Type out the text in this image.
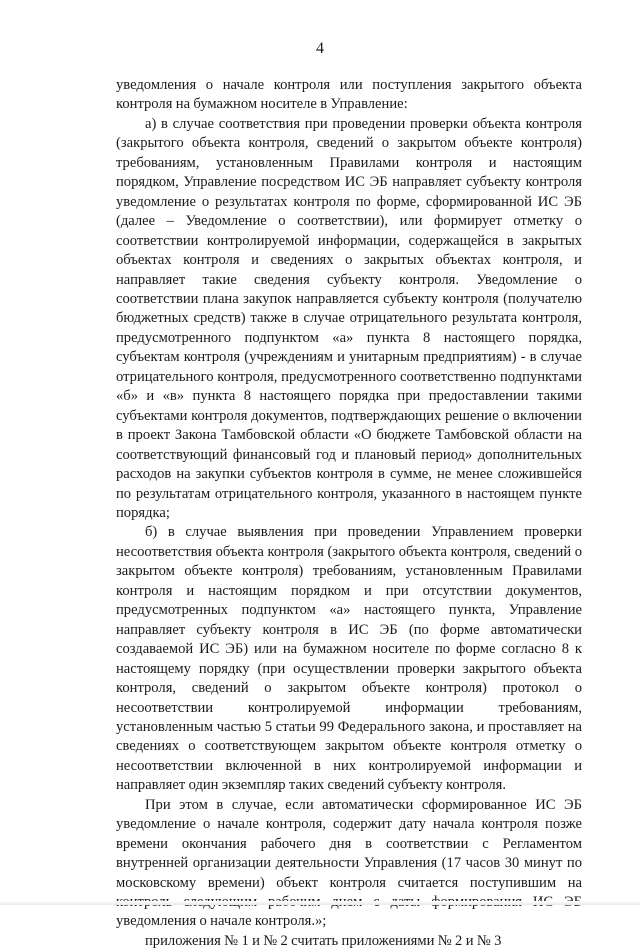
4

уведомления о начале контроля или поступления закрытого объекта контроля на бумажном носителе в Управление:

а) в случае соответствия при проведении проверки объекта контроля (закрытого объекта контроля, сведений о закрытом объекте контроля) требованиям, установленным Правилами контроля и настоящим порядком, Управление посредством ИС ЭБ направляет субъекту контроля уведомление о результатах контроля по форме, сформированной ИС ЭБ (далее – Уведомление о соответствии), или формирует отметку о соответствии контролируемой информации, содержащейся в закрытых объектах контроля и сведениях о закрытых объектах контроля, и направляет такие сведения субъекту контроля. Уведомление о соответствии плана закупок направляется субъекту контроля (получателю бюджетных средств) также в случае отрицательного результата контроля, предусмотренного подпунктом «а» пункта 8 настоящего порядка, субъектам контроля (учреждениям и унитарным предприятиям) - в случае отрицательного контроля, предусмотренного соответственно подпунктами «б» и «в» пункта 8 настоящего порядка при предоставлении такими субъектами контроля документов, подтверждающих решение о включении в проект Закона Тамбовской области «О бюджете Тамбовской области на соответствующий финансовый год и плановый период» дополнительных расходов на закупки субъектов контроля в сумме, не менее сложившейся по результатам отрицательного контроля, указанного в настоящем пункте порядка;

б) в случае выявления при проведении Управлением проверки несоответствия объекта контроля (закрытого объекта контроля, сведений о закрытом объекте контроля) требованиям, установленным Правилами контроля и настоящим порядком и при отсутствии документов, предусмотренных подпунктом «а» настоящего пункта, Управление направляет субъекту контроля в ИС ЭБ (по форме автоматически создаваемой ИС ЭБ) или на бумажном носителе по форме согласно 8 к настоящему порядку (при осуществлении проверки закрытого объекта контроля, сведений о закрытом объекте контроля) протокол о несоответствии контролируемой информации требованиям, установленным частью 5 статьи 99 Федерального закона, и проставляет на сведениях о соответствующем закрытом объекте контроля отметку о несоответствии включенной в них контролируемой информации и направляет один экземпляр таких сведений субъекту контроля.

При этом в случае, если автоматически сформированное ИС ЭБ уведомление о начале контроля, содержит дату начала контроля позже времени окончания рабочего дня в соответствии с Регламентом внутренней организации деятельности Управления (17 часов 30 минут по московскому времени) объект контроля считается поступившим на уведомления о начале контроля.»;

приложения № 1 и № 2 считать приложениями № 2 и № 3
